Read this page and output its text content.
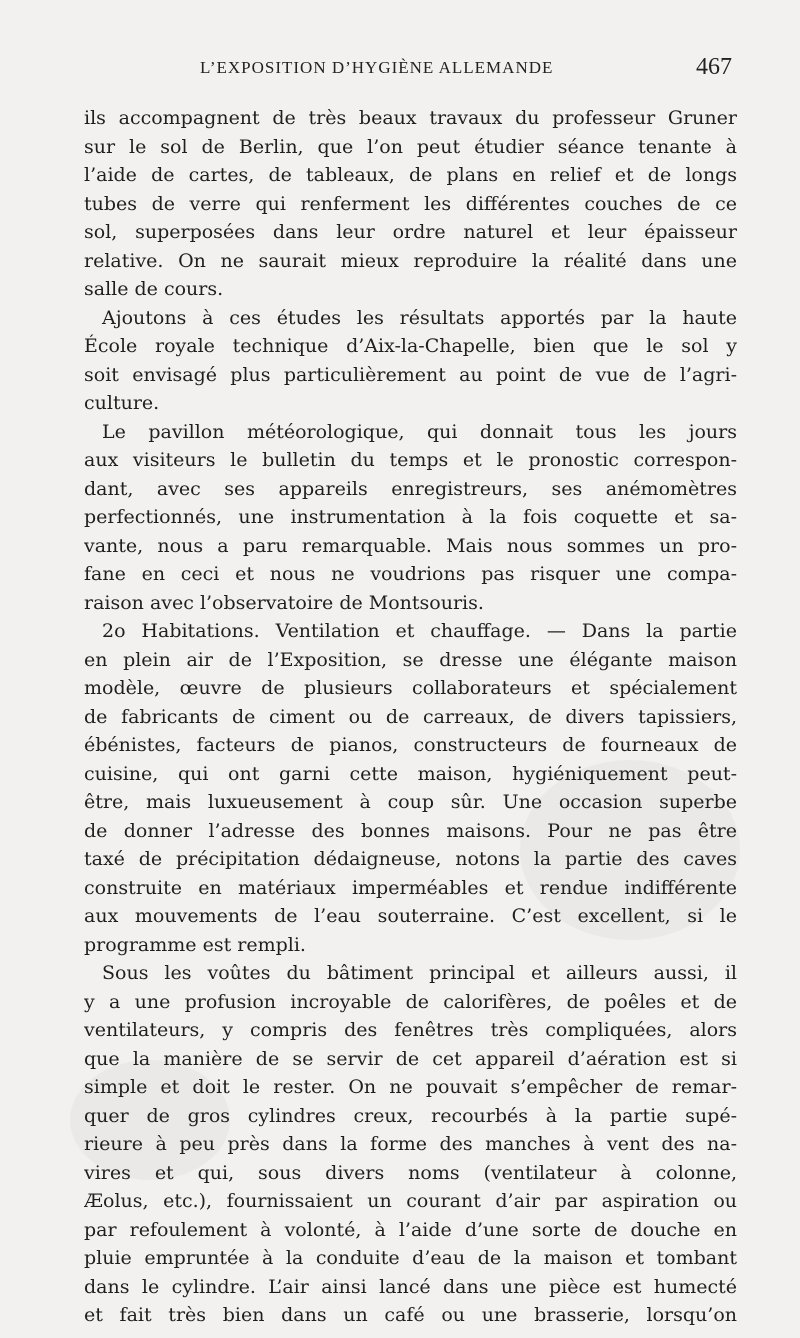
L’EXPOSITION D’HYGIÈNE ALLEMANDE	467
ils accompagnent de très beaux travaux du professeur Gruner
sur le sol de Berlin, que l’on peut étudier séance tenante à
l’aide de cartes, de tableaux, de plans en relief et de longs
tubes de verre qui renferment les différentes couches de ce
sol, superposées dans leur ordre naturel et leur épaisseur
relative. On ne saurait mieux reproduire la réalité dans une
salle de cours.
Ajoutons à ces études les résultats apportés par la haute
École royale technique d’Aix-la-Chapelle, bien que le sol y
soit envisagé plus particulièrement au point de vue de l’agri-
culture.
Le pavillon météorologique, qui donnait tous les jours
aux visiteurs le bulletin du temps et le pronostic correspon-
dant, avec ses appareils enregistreurs, ses anémomètres
perfectionnés, une instrumentation à la fois coquette et sa-
vante, nous a paru remarquable. Mais nous sommes un pro-
fane en ceci et nous ne voudrions pas risquer une compa-
raison avec l’observatoire de Montsouris.
2o Habitations. Ventilation et chauffage. — Dans la partie
en plein air de l’Exposition, se dresse une élégante maison
modèle, œuvre de plusieurs collaborateurs et spécialement
de fabricants de ciment ou de carreaux, de divers tapissiers,
ébénistes, facteurs de pianos, constructeurs de fourneaux de
cuisine, qui ont garni cette maison, hygiéniquement peut-
être, mais luxueusement à coup sûr. Une occasion superbe
de donner l’adresse des bonnes maisons. Pour ne pas être
taxé de précipitation dédaigneuse, notons la partie des caves
construite en matériaux imperméables et rendue indifférente
aux mouvements de l’eau souterraine. C’est excellent, si le
programme est rempli.
Sous les voûtes du bâtiment principal et ailleurs aussi, il
y a une profusion incroyable de calorifères, de poêles et de
ventilateurs, y compris des fenêtres très compliquées, alors
que la manière de se servir de cet appareil d’aération est si
simple et doit le rester. On ne pouvait s’empêcher de remar-
quer de gros cylindres creux, recourbés à la partie supé-
rieure à peu près dans la forme des manches à vent des na-
vires et qui, sous divers noms (ventilateur à colonne,
Æolus, etc.), fournissaient un courant d’air par aspiration ou
par refoulement à volonté, à l’aide d’une sorte de douche en
pluie empruntée à la conduite d’eau de la maison et tombant
dans le cylindre. L’air ainsi lancé dans une pièce est humecté
et fait très bien dans un café ou une brasserie, lorsqu’on
